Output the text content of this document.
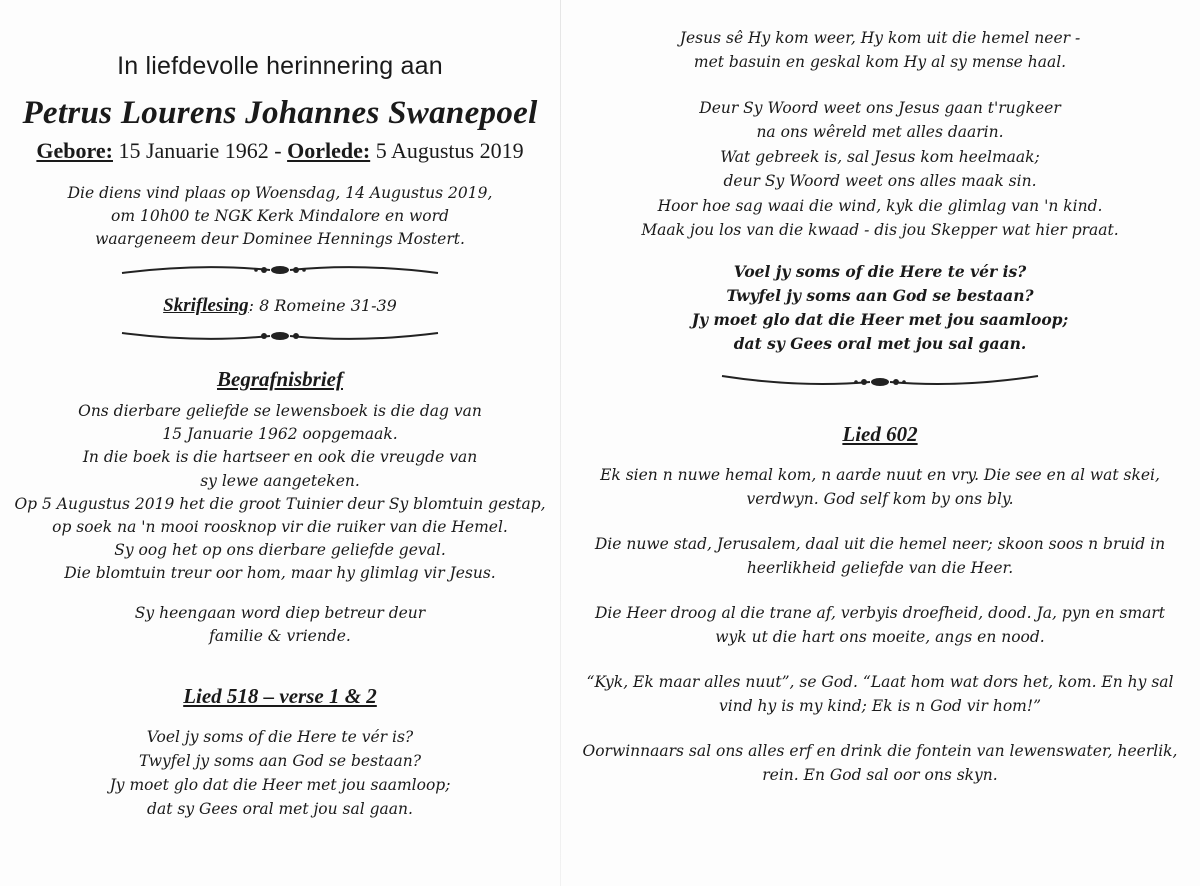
In liefdevolle herinnering aan
Petrus Lourens Johannes Swanepoel
Gebore: 15 Januarie 1962 - Oorlede: 5 Augustus 2019
Die diens vind plaas op Woensdag, 14 Augustus 2019,
om 10h00 te NGK Kerk Mindalore en word
waargeneem deur Dominee Hennings Mostert.
Skriflesing: 8 Romeine 31-39
Begrafnisbrief
Ons dierbare geliefde se lewensboek is die dag van
15 Januarie 1962 oopgemaak.
In die boek is die hartseer en ook die vreugde van
sy lewe aangeteken.
Op 5 Augustus 2019 het die groot Tuinier deur Sy blomtuin gestap,
op soek na 'n mooi roosknop vir die ruiker van die Hemel.
Sy oog het op ons dierbare geliefde geval.
Die blomtuin treur oor hom, maar hy glimlag vir Jesus.
Sy heengaan word diep betreur deur
familie & vriende.
Lied 518 – verse 1 & 2
Voel jy soms of die Here te vér is?
Twyfel jy soms aan God se bestaan?
Jy moet glo dat die Heer met jou saamloop;
dat sy Gees oral met jou sal gaan.
Jesus sê Hy kom weer, Hy kom uit die hemel neer -
met basuin en geskal kom Hy al sy mense haal.
Deur Sy Woord weet ons Jesus gaan t'rugkeer
na ons wêreld met alles daarin.
Wat gebreek is, sal Jesus kom heelmaak;
deur Sy Woord weet ons alles maak sin.
Hoor hoe sag waai die wind, kyk die glimlag van 'n kind.
Maak jou los van die kwaad - dis jou Skepper wat hier praat.
Voel jy soms of die Here te vér is?
Twyfel jy soms aan God se bestaan?
Jy moet glo dat die Heer met jou saamloop;
dat sy Gees oral met jou sal gaan.
Lied 602
Ek sien n nuwe hemal kom, n aarde nuut en vry. Die see en al wat skei,
verdwyn. God self kom by ons bly.
Die nuwe stad, Jerusalem, daal uit die hemel neer; skoon soos n bruid in
heerlikheid geliefde van die Heer.
Die Heer droog al die trane af, verbyis droefheid, dood. Ja, pyn en smart
wyk ut die hart ons moeite, angs en nood.
“Kyk, Ek maar alles nuut”, se God. “Laat hom wat dors het, kom. En hy sal
vind hy is my kind; Ek is n God vir hom!”
Oorwinnaars sal ons alles erf en drink die fontein van lewenswater, heerlik,
rein. En God sal oor ons skyn.
